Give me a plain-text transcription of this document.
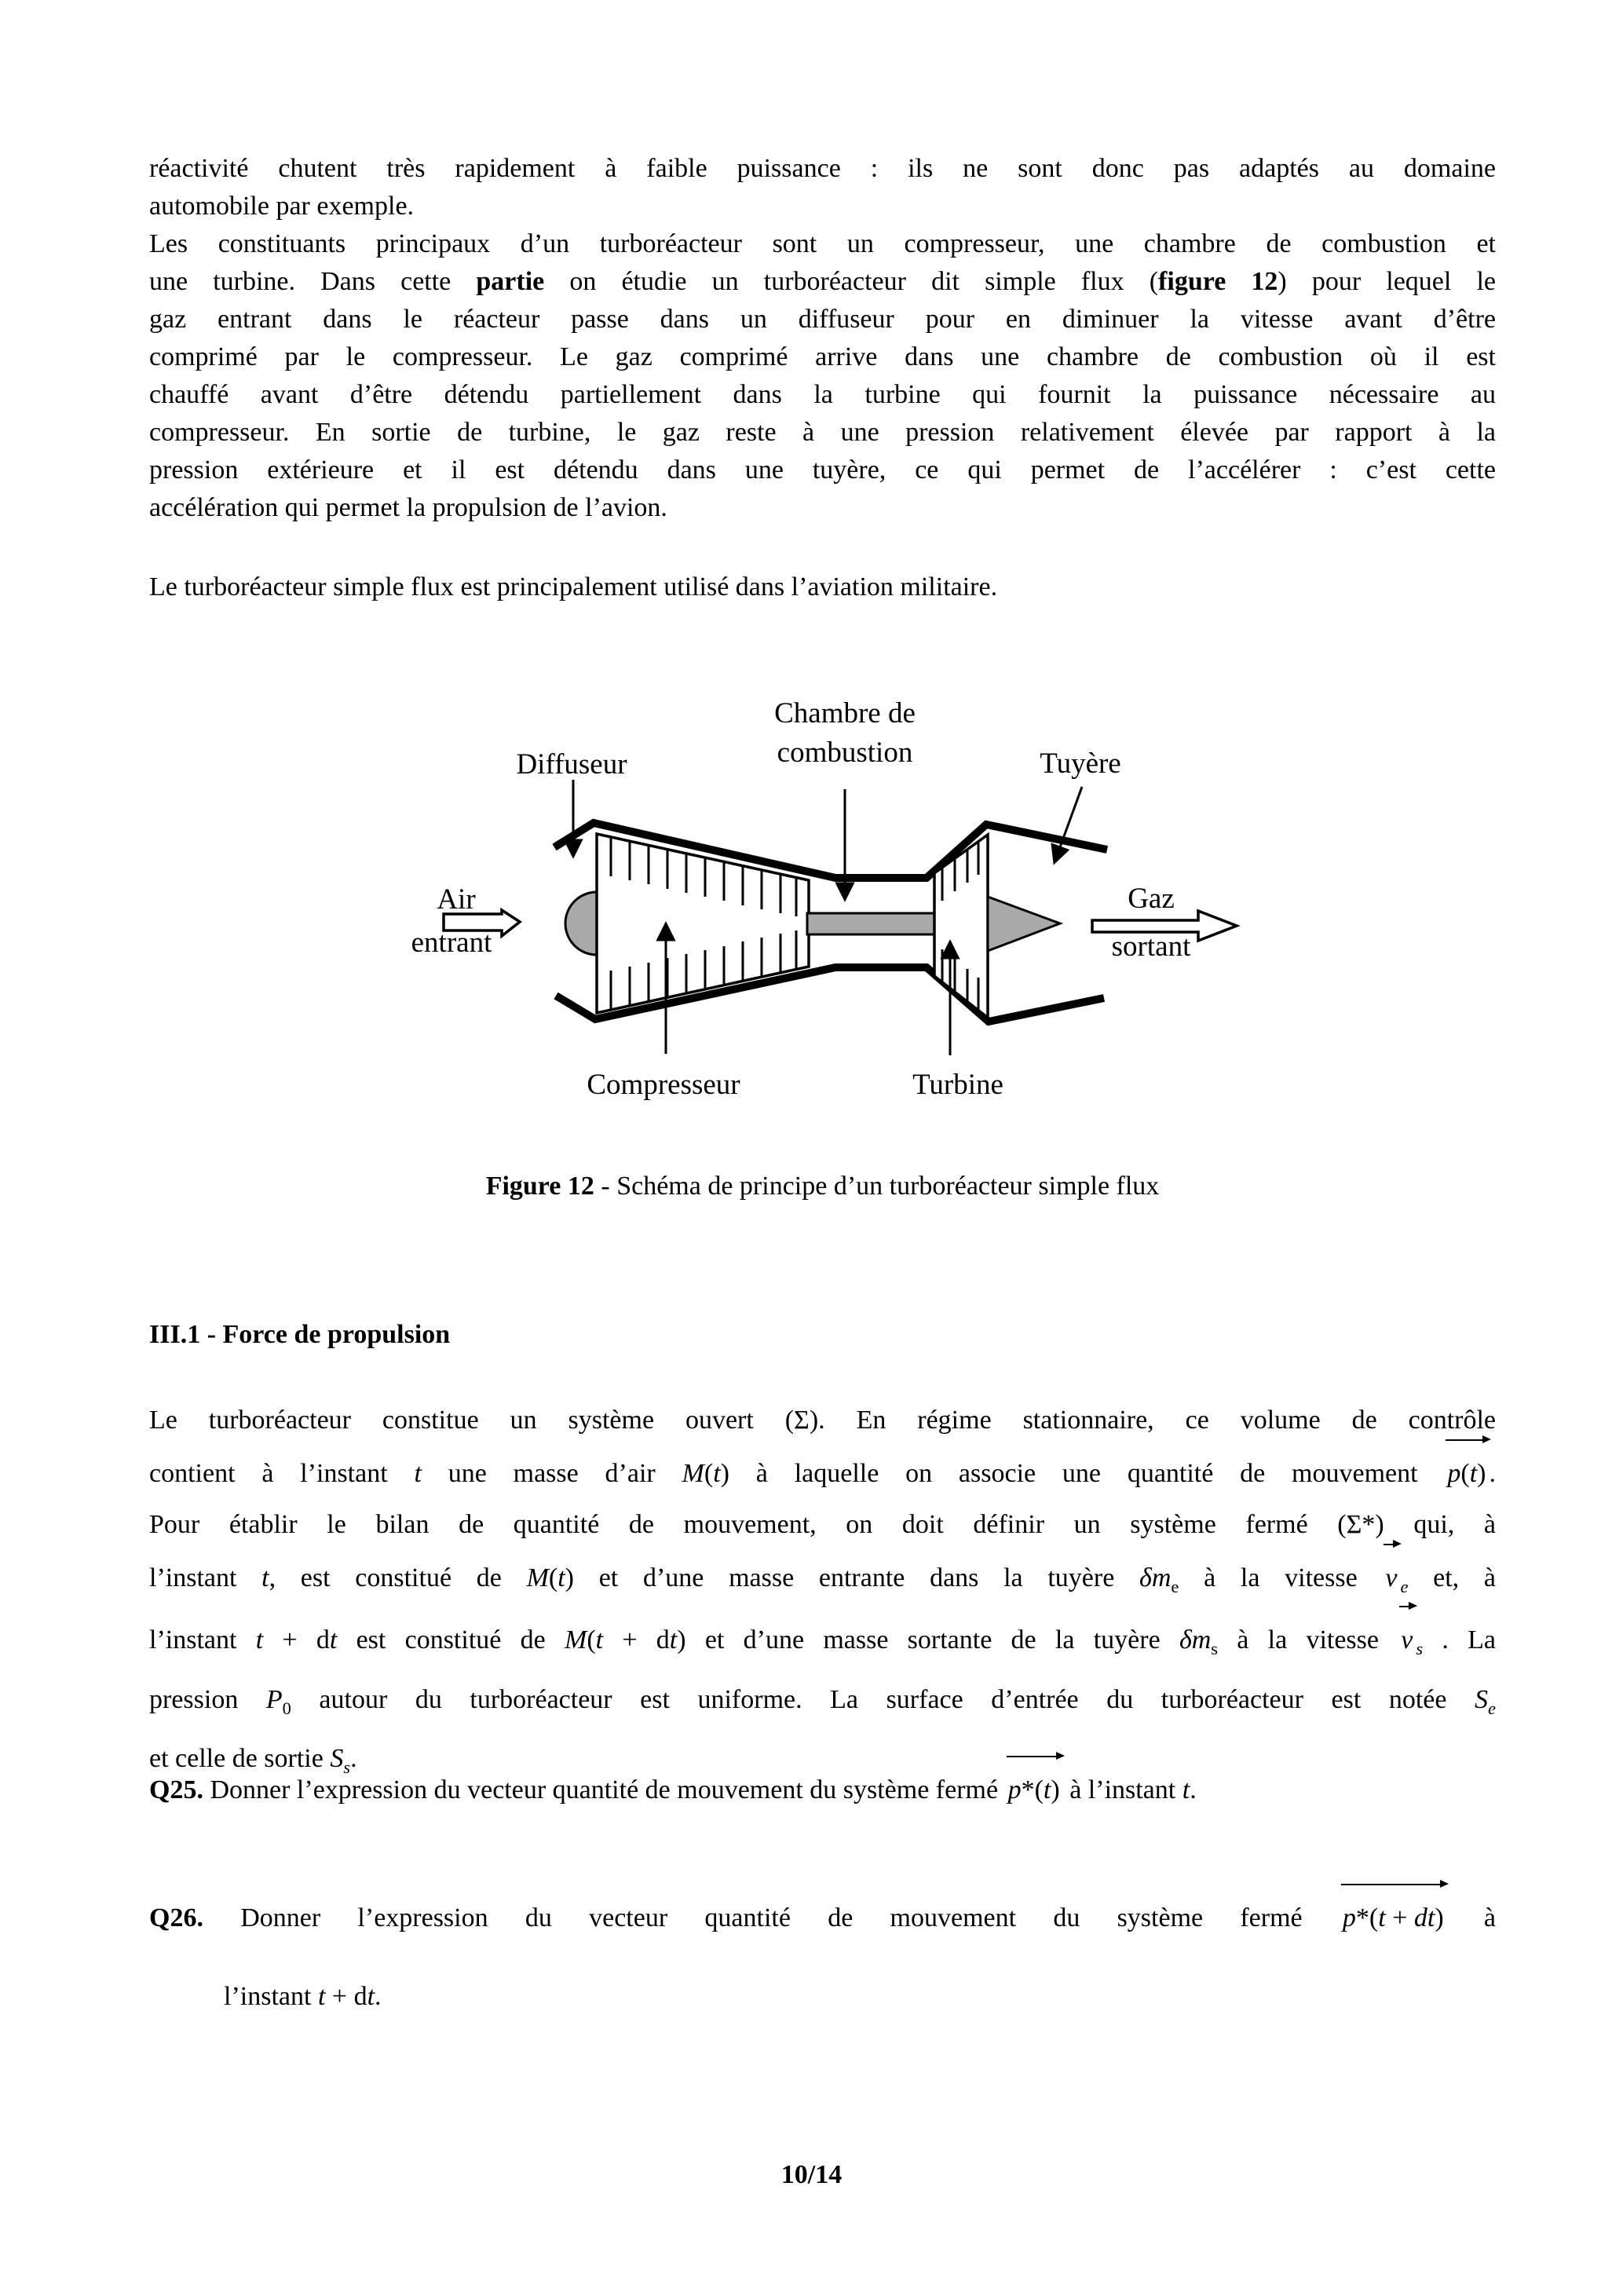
réactivité chutent très rapidement à faible puissance : ils ne sont donc pas adaptés au domaine
automobile par exemple.
Les constituants principaux d’un turboréacteur sont un compresseur, une chambre de combustion et
une turbine. Dans cette partie on étudie un turboréacteur dit simple flux (figure 12) pour lequel le
gaz entrant dans le réacteur passe dans un diffuseur pour en diminuer la vitesse avant d’être
comprimé par le compresseur. Le gaz comprimé arrive dans une chambre de combustion où il est
chauffé avant d’être détendu partiellement dans la turbine qui fournit la puissance nécessaire au
compresseur. En sortie de turbine, le gaz reste à une pression relativement élevée par rapport à la
pression extérieure et il est détendu dans une tuyère, ce qui permet de l’accélérer : c’est cette
accélération qui permet la propulsion de l’avion.
Le turboréacteur simple flux est principalement utilisé dans l’aviation militaire.
Chambre de
combustion
Diffuseur	Tuyère
Air
entrant
Gaz
sortant
Compresseur	Turbine
Figure 12 - Schéma de principe d’un turboréacteur simple flux
III.1 - Force de propulsion
Le turboréacteur constitue un système ouvert (Σ). En régime stationnaire, ce volume de contrôle
contient à l’instant t une masse d’air M(t) à laquelle on associe une quantité de mouvement p(t) .
Pour établir le bilan de quantité de mouvement, on doit définir un système fermé (Σ*) qui, à
l’instant t, est constitué de M(t) et d’une masse entrante dans la tuyère $\delta m_e$ à la vitesse v $_e$ et, à
l’instant t + dt est constitué de M(t + dt) et d’une masse sortante de la tuyère $\delta m_s$ à la vitesse v $_s$ . La
pression $P_0$ autour du turboréacteur est uniforme. La surface d’entrée du turboréacteur est notée $S_e$
et celle de sortie $S_s$.
Q25. Donner l’expression du vecteur quantité de mouvement du système fermé p*(t) à l’instant t.
Q26. Donner l’expression du vecteur quantité de mouvement du système fermé p*(t + dt) à
l’instant t + dt.
10/14
